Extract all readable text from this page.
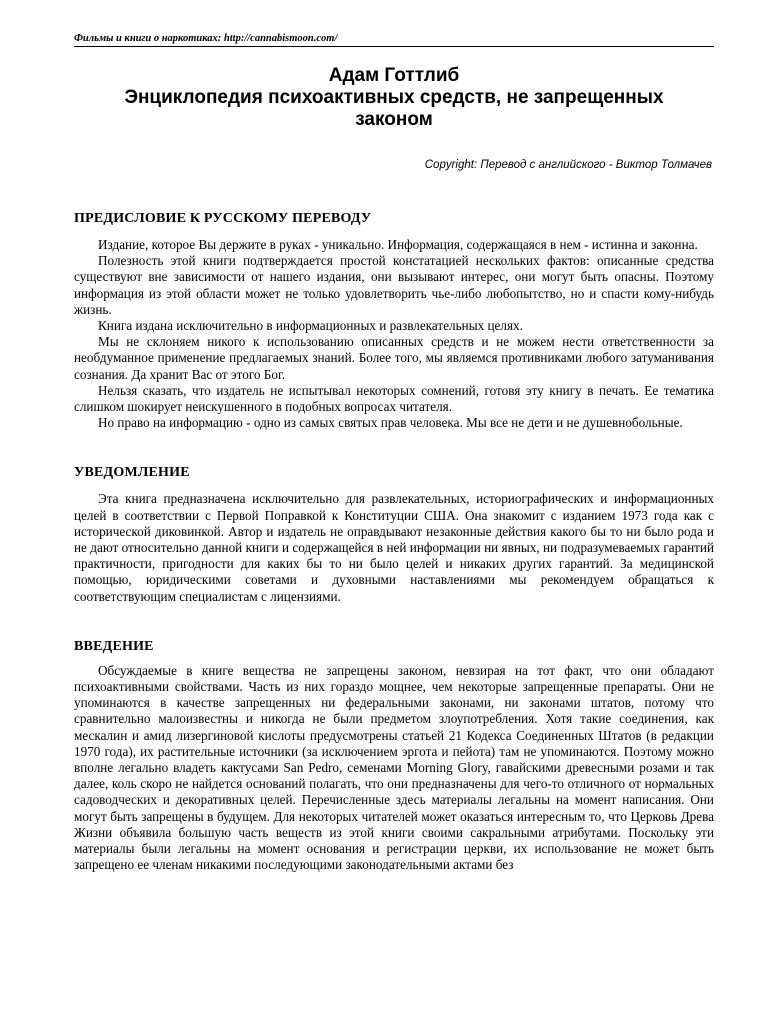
Фильмы и книги о наркотиках: http://cannabismoon.com/
Адам Готтлиб
Энциклопедия психоактивных средств, не запрещенных законом
Copyright: Перевод с английского - Виктор Толмачев
ПРЕДИСЛОВИЕ К РУССКОМУ ПЕРЕВОДУ

Издание, которое Вы держите в руках - уникально. Информация, содержащаяся в нем - истинна и законна.

Полезность этой книги подтверждается простой констатацией нескольких фактов: описанные средства существуют вне зависимости от нашего издания, они вызывают интерес, они могут быть опасны. Поэтому информация из этой области может не только удовлетворить чье-либо любопытство, но и спасти кому-нибудь жизнь.

Книга издана исключительно в информационных и развлекательных целях.

Мы не склоняем никого к использованию описанных средств и не можем нести ответственности за необдуманное применение предлагаемых знаний. Более того, мы являемся противниками любого затуманивания сознания. Да хранит Вас от этого Бог.

Нельзя сказать, что издатель не испытывал некоторых сомнений, готовя эту книгу в печать. Ее тематика слишком шокирует неискушенного в подобных вопросах читателя.

Но право на информацию - одно из самых святых прав человека. Мы все не дети и не душевнобольные.

УВЕДОМЛЕНИЕ

Эта книга предназначена исключительно для развлекательных, историографических и информационных целей в соответствии с Первой Поправкой к Конституции США. Она знакомит с изданием 1973 года как с исторической диковинкой. Автор и издатель не оправдывают незаконные действия какого бы то ни было рода и не дают относительно данной книги и содержащейся в ней информации ни явных, ни подразумеваемых гарантий практичности, пригодности для каких бы то ни было целей и никаких других гарантий. За медицинской помощью, юридическими советами и духовными наставлениями мы рекомендуем обращаться к соответствующим специалистам с лицензиями.

ВВЕДЕНИЕ

Обсуждаемые в книге вещества не запрещены законом, невзирая на тот факт, что они обладают психоактивными свойствами. Часть из них гораздо мощнее, чем некоторые запрещенные препараты. Они не упоминаются в качестве запрещенных ни федеральными законами, ни законами штатов, потому что сравнительно малоизвестны и никогда не были предметом злоупотребления. Хотя такие соединения, как мескалин и амид лизергиновой кислоты предусмотрены статьей 21 Кодекса Соединенных Штатов (в редакции 1970 года), их растительные источники (за исключением эргота и пейота) там не упоминаются. Поэтому можно вполне легально владеть кактусами San Pedro, семенами Morning Glory, гавайскими древесными розами и так далее, коль скоро не найдется оснований полагать, что они предназначены для чего-то отличного от нормальных садоводческих и декоративных целей. Перечисленные здесь материалы легальны на момент написания. Они могут быть запрещены в будущем. Для некоторых читателей может оказаться интересным то, что Церковь Древа Жизни объявила большую часть веществ из этой книги своими сакральными атрибутами. Поскольку эти материалы были легальны на момент основания и регистрации церкви, их использование не может быть запрещено ее членам никакими последующими законодательными актами без
